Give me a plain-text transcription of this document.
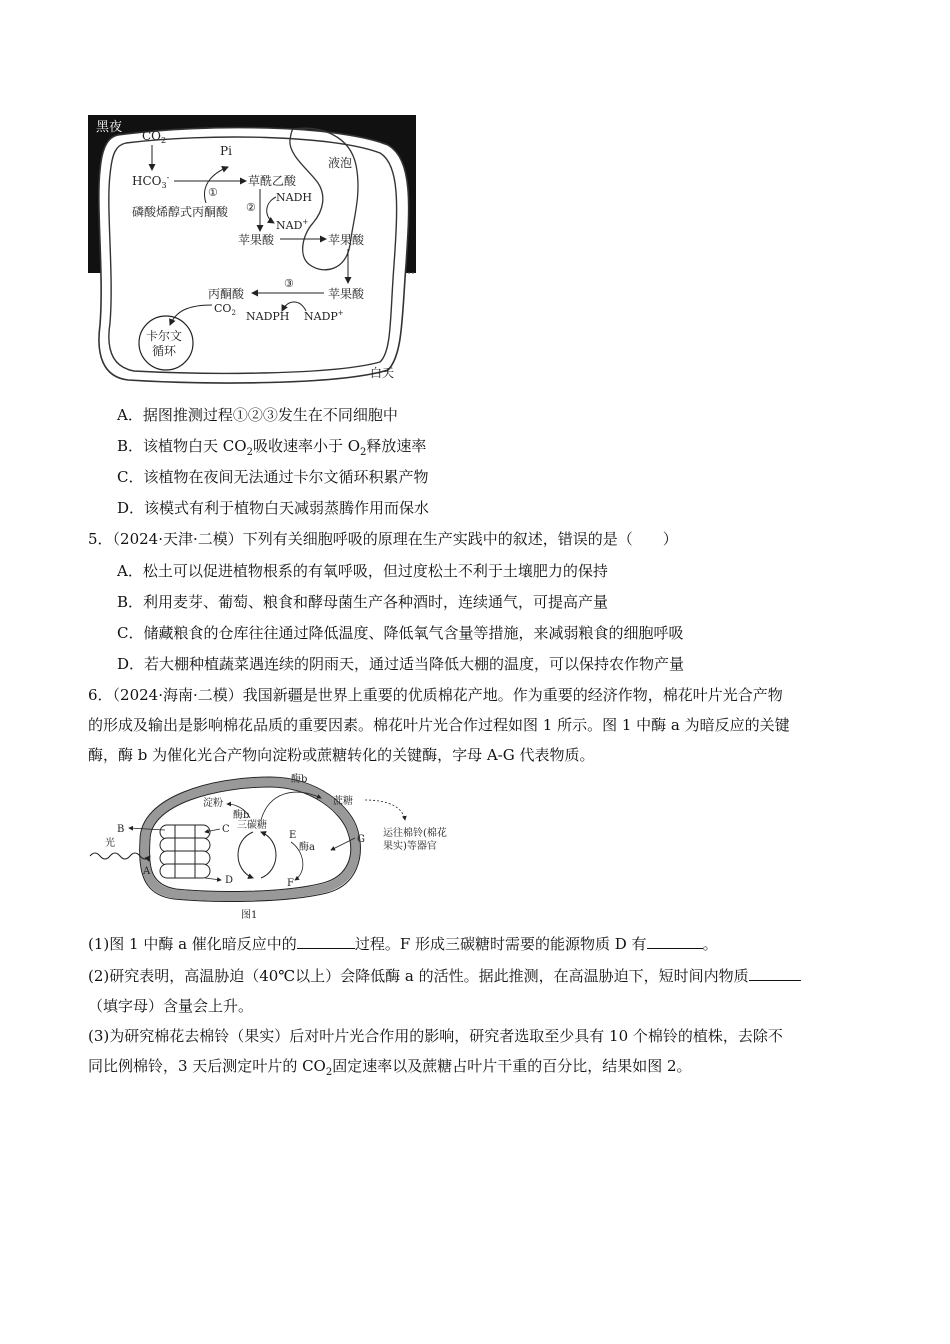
黑夜
$CO_2$
Pi
$HCO_3^-$	草酰乙酸
①
磷酸烯醇式丙酮酸 ②
NADH
NAD+
苹果酸	苹果酸
液泡
苹果酸
③
丙酮酸
$CO_2$ NADPH NADP+
卡尔文
循环
白天
A．据图推测过程①②③发生在不同细胞中
B．该植物白天 $CO_2$吸收速率小于 $O_2$释放速率
C．该植物在夜间无法通过卡尔文循环积累产物
D．该模式有利于植物白天减弱蒸腾作用而保水
5．（2024·天津·二模）下列有关细胞呼吸的原理在生产实践中的叙述，错误的是（　　）
A．松土可以促进植物根系的有氧呼吸，但过度松土不利于土壤肥力的保持
B．利用麦芽、葡萄、粮食和酵母菌生产各种酒时，连续通气，可提高产量
C．储藏粮食的仓库往往通过降低温度、降低氧气含量等措施，来减弱粮食的细胞呼吸
D．若大棚种植蔬菜遇连续的阴雨天，通过适当降低大棚的温度，可以保持农作物产量
6．（2024·海南·二模）我国新疆是世界上重要的优质棉花产地。作为重要的经济作物，棉花叶片光合产物
的形成及输出是影响棉花品质的重要因素。棉花叶片光合作过程如图 1 所示。图 1 中酶 a 为暗反应的关键
酶，酶 b 为催化光合产物向淀粉或蔗糖转化的关键酶，字母 A-G 代表物质。
光
B
A
C
D
淀粉
酶b
三碳糖
E
酶a
F
G
酶b
蔗糖
运往棉铃(棉花
果实)等器官
图1
(1)图 1 中酶 a 催化暗反应中的	过程。F 形成三碳糖时需要的能源物质 D 有	。
(2)研究表明，高温胁迫（40℃以上）会降低酶 a 的活性。据此推测，在高温胁迫下，短时间内物质
（填字母）含量会上升。
(3)为研究棉花去棉铃（果实）后对叶片光合作用的影响，研究者选取至少具有 10 个棉铃的植株，去除不
同比例棉铃，3 天后测定叶片的 $CO_2$固定速率以及蔗糖占叶片干重的百分比，结果如图 2。
